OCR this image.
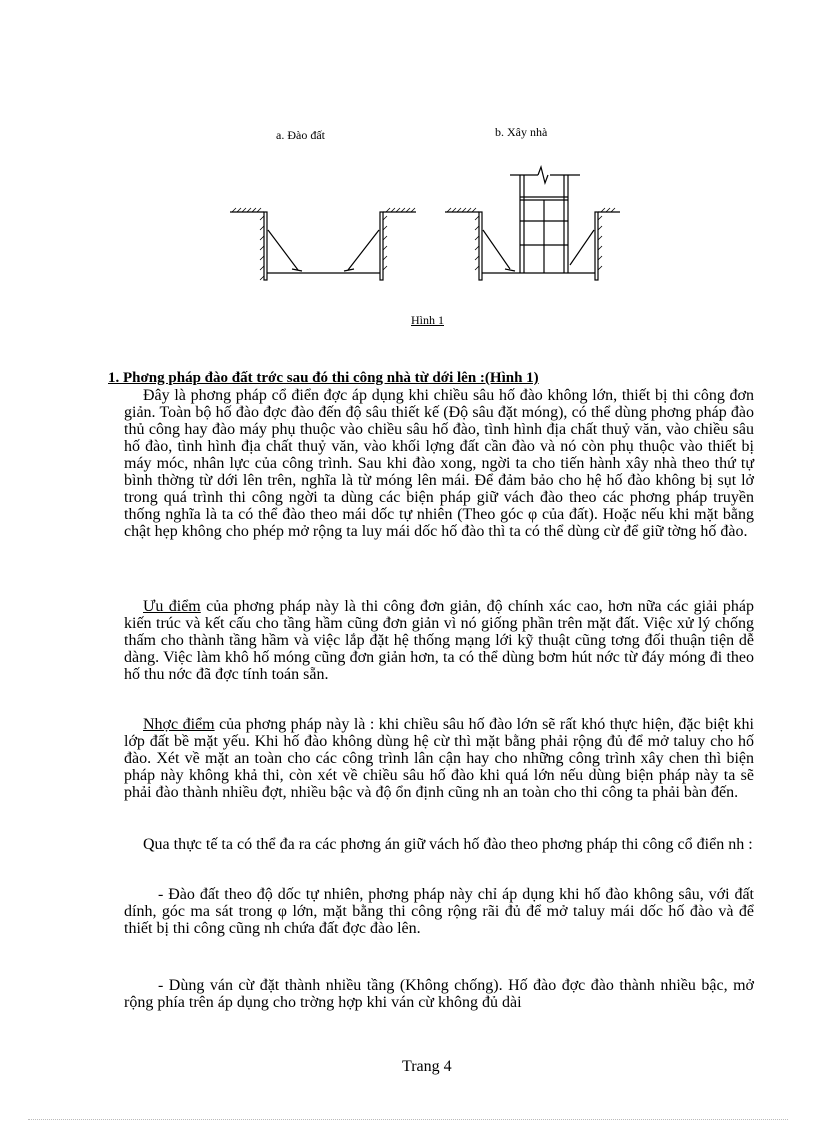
a. Đào đất	b. Xây nhà
Hình 1
1. Phơng pháp đào đất trớc sau đó thi công nhà từ dới lên :(Hình 1)

Đây là phơng pháp cổ điển đợc áp dụng khi chiều sâu hố đào không lớn, thiết bị thi công đơn giản. Toàn bộ hố đào đợc đào đến độ sâu thiết kế (Độ sâu đặt móng), có thể dùng phơng pháp đào thủ công hay đào máy phụ thuộc vào chiều sâu hố đào, tình hình địa chất thuỷ văn, vào chiều sâu hố đào, tình hình địa chất thuỷ văn, vào khối lợng đất cần đào và nó còn phụ thuộc vào thiết bị máy móc, nhân lực của công trình. Sau khi đào xong, ngời ta cho tiến hành xây nhà theo thứ tự bình thờng từ dới lên trên, nghĩa là từ móng lên mái. Để đảm bảo cho hệ hố đào không bị sụt lở trong quá trình thi công ngời ta dùng các biện pháp giữ vách đào theo các phơng pháp truyền thống nghĩa là ta có thể đào theo mái dốc tự nhiên (Theo góc φ của đất). Hoặc nếu khi mặt bằng chật hẹp không cho phép mở rộng ta luy mái dốc hố đào thì ta có thể dùng cừ để giữ tờng hố đào.

Ưu điểm của phơng pháp này là thi công đơn giản, độ chính xác cao, hơn nữa các giải pháp kiến trúc và kết cấu cho tầng hầm cũng đơn giản vì nó giống phần trên mặt đất. Việc xử lý chống thấm cho thành tầng hầm và việc lắp đặt hệ thống mạng lới kỹ thuật cũng tơng đối thuận tiện dễ dàng. Việc làm khô hố móng cũng đơn giản hơn, ta có thể dùng bơm hút nớc từ đáy móng đi theo hố thu nớc đã đợc tính toán sẵn.

Nhợc điểm của phơng pháp này là : khi chiều sâu hố đào lớn sẽ rất khó thực hiện, đặc biệt khi lớp đất bề mặt yếu. Khi hố đào không dùng hệ cừ thì mặt bằng phải rộng đủ để mở taluy cho hố đào. Xét về mặt an toàn cho các công trình lân cận hay cho những công trình xây chen thì biện pháp này không khả thi, còn xét về chiều sâu hố đào khi quá lớn nếu dùng biện pháp này ta sẽ phải đào thành nhiều đợt, nhiều bậc và độ ổn định cũng nh an toàn cho thi công ta phải bàn đến.

Qua thực tế ta có thể đa ra các phơng án giữ vách hố đào theo phơng pháp thi công cổ điển nh :

- Đào đất theo độ dốc tự nhiên, phơng pháp này chỉ áp dụng khi hố đào không sâu, với đất dính, góc ma sát trong φ lớn, mặt bằng thi công rộng rãi đủ để mở taluy mái dốc hố đào và để thiết bị thi công cũng nh chứa đất đợc đào lên.

- Dùng ván cừ đặt thành nhiều tầng (Không chống). Hố đào đợc đào thành nhiều bậc, mở rộng phía trên áp dụng cho trờng hợp khi ván cừ không đủ dài

Trang 4
